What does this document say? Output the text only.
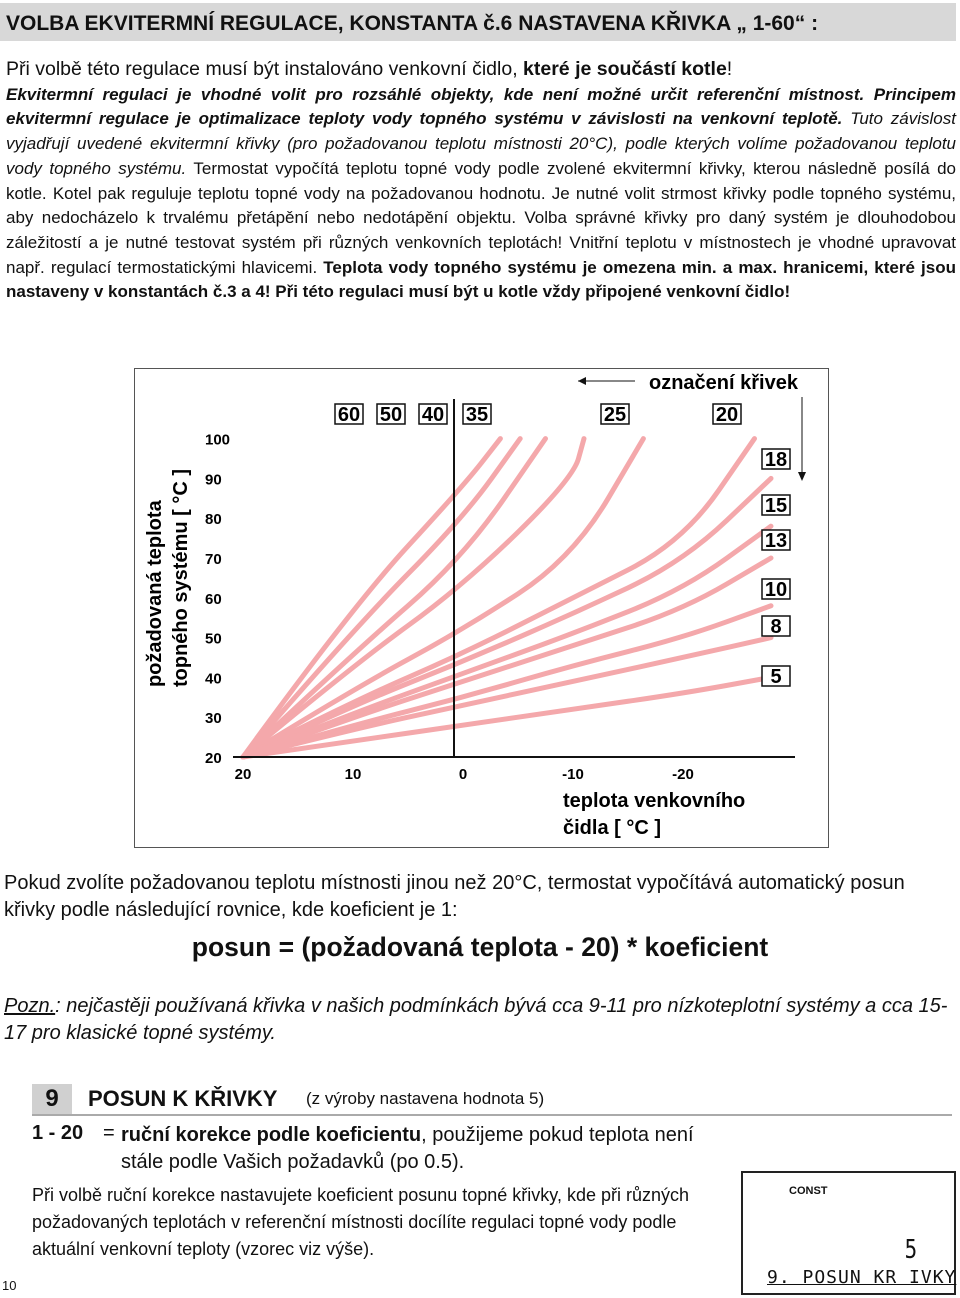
VOLBA EKVITERMNÍ REGULACE, KONSTANTA č.6 NASTAVENA KŘIVKA „ 1-60“ :
Při volbě této regulace musí být instalováno venkovní čidlo, které je součástí kotle!
Ekvitermní regulaci je vhodné volit pro rozsáhlé objekty, kde není možné určit referenční místnost. Principem ekvitermní regulace je optimalizace teploty vody topného systému v závislosti na venkovní teplotě. Tuto závislost vyjadřují uvedené ekvitermní křivky (pro požadovanou teplotu místnosti 20°C), podle kterých volíme požadovanou teplotu vody topného systému. Termostat vypočítá teplotu topné vody podle zvolené ekvitermní křivky, kterou následně posílá do kotle. Kotel pak reguluje teplotu topné vody na požadovanou hodnotu. Je nutné volit strmost křivky podle topného systému, aby nedocházelo k trvalému přetápění nebo nedotápění objektu. Volba správné křivky pro daný systém je dlouhodobou záležitostí a je nutné testovat systém při různých venkovních teplotách! Vnitřní teplotu v místnostech je vhodné upravovat např. regulací termostatickými hlavicemi. Teplota vody topného systému je omezena min. a max. hranicemi, které jsou nastaveny v konstantách č.3 a 4! Při této regulaci musí být u kotle vždy připojené venkovní čidlo!
označení křivek
požadovaná teplota topného systému [ °C ]
teplota venkovního
čidla [ °C ]
100
90
80
70
60
50
40
30
20
20	10	0	-10	-20
60 50 40 35	25	20
18
15
13
10
8
5
Pokud zvolíte požadovanou teplotu místnosti jinou než 20°C, termostat vypočítává automatický posun křivky podle následující rovnice, kde koeficient je 1:
posun = (požadovaná teplota - 20) * koeficient
Pozn.: nejčastěji používaná křivka v našich podmínkách bývá cca 9-11 pro nízkoteplotní systémy a cca 15-17 pro klasické topné systémy.
9	POSUN K KŘIVKY (z výroby nastavena hodnota 5)
1 - 20 = ruční korekce podle koeficientu, použijeme pokud teplota není stále podle Vašich požadavků (po 0.5).
Při volbě ruční korekce nastavujete koeficient posunu topné křivky, kde při různých požadovaných teplotách v referenční místnosti docílíte regulaci topné vody podle aktuální venkovní teploty (vzorec viz výše).
CONST
5
9. POSUN KR IVKY
10
